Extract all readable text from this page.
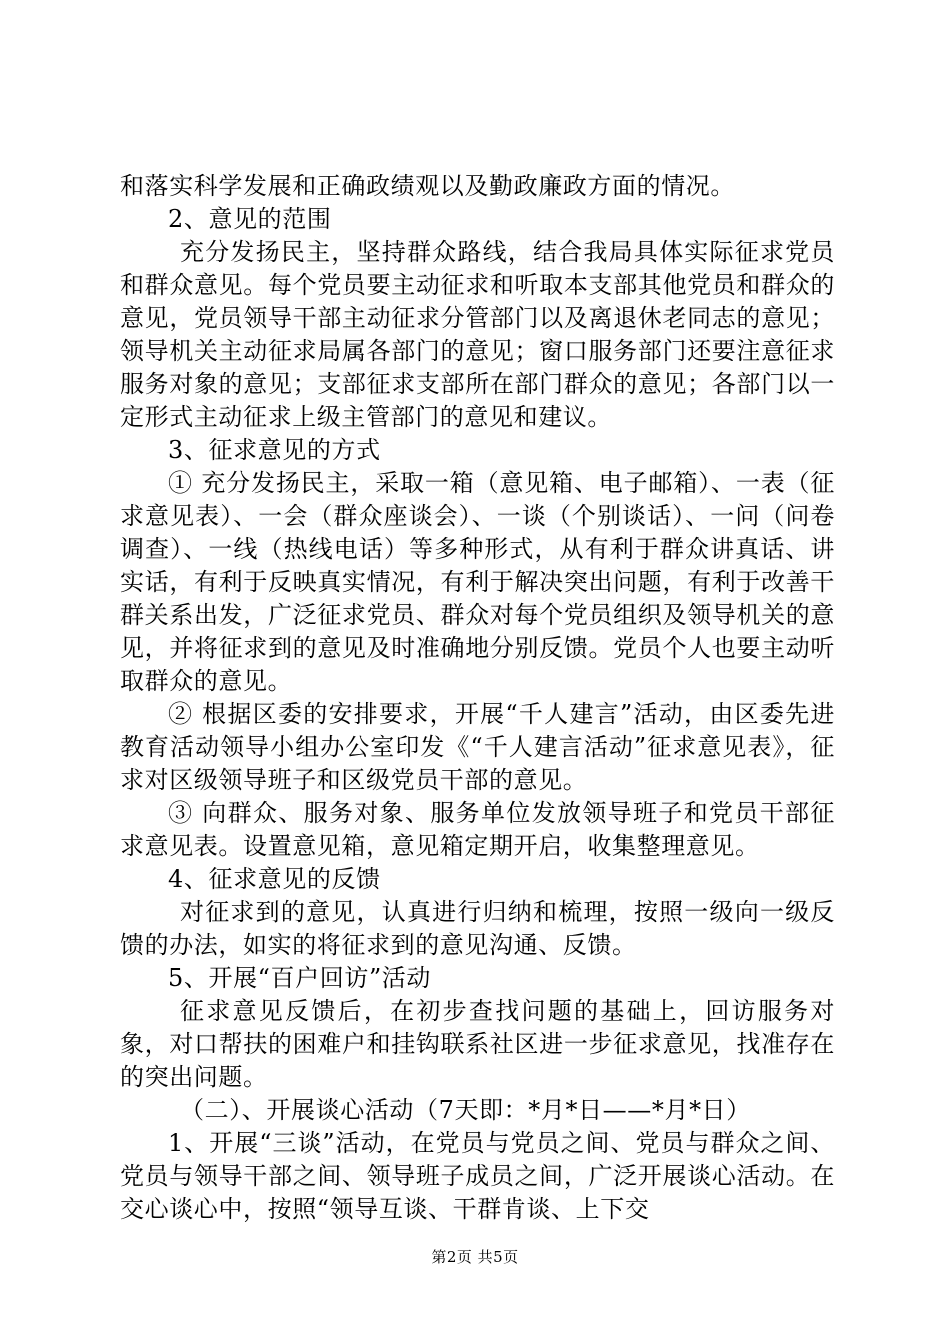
和落实科学发展和正确政绩观以及勤政廉政方面的情况。

2、意见的范围

充分发扬民主，坚持群众路线，结合我局具体实际征求党员和群众意见。每个党员要主动征求和听取本支部其他党员和群众的意见，党员领导干部主动征求分管部门以及离退休老同志的意见；领导机关主动征求局属各部门的意见；窗口服务部门还要注意征求服务对象的意见；支部征求支部所在部门群众的意见；各部门以一定形式主动征求上级主管部门的意见和建议。

3、征求意见的方式

① 充分发扬民主，采取一箱（意见箱、电子邮箱）、一表（征求意见表）、一会（群众座谈会）、一谈（个别谈话）、一问（问卷调查）、一线（热线电话）等多种形式，从有利于群众讲真话、讲实话，有利于反映真实情况，有利于解决突出问题，有利于改善干群关系出发，广泛征求党员、群众对每个党员组织及领导机关的意见，并将征求到的意见及时准确地分别反馈。党员个人也要主动听取群众的意见。

② 根据区委的安排要求，开展“千人建言”活动，由区委先进教育活动领导小组办公室印发《“千人建言活动”征求意见表》，征求对区级领导班子和区级党员干部的意见。

③ 向群众、服务对象、服务单位发放领导班子和党员干部征求意见表。设置意见箱，意见箱定期开启，收集整理意见。

4、征求意见的反馈

对征求到的意见，认真进行归纳和梳理，按照一级向一级反馈的办法，如实的将征求到的意见沟通、反馈。

5、开展“百户回访”活动

征求意见反馈后，在初步查找问题的基础上，回访服务对象，对口帮扶的困难户和挂钩联系社区进一步征求意见，找准存在的突出问题。

（二）、开展谈心活动（7天即：*月*日——*月*日）

1、开展“三谈”活动，在党员与党员之间、党员与群众之间、党员与领导干部之间、领导班子成员之间，广泛开展谈心活动。在交心谈心中，按照“领导互谈、干群肯谈、上下交

第2页 共5页
